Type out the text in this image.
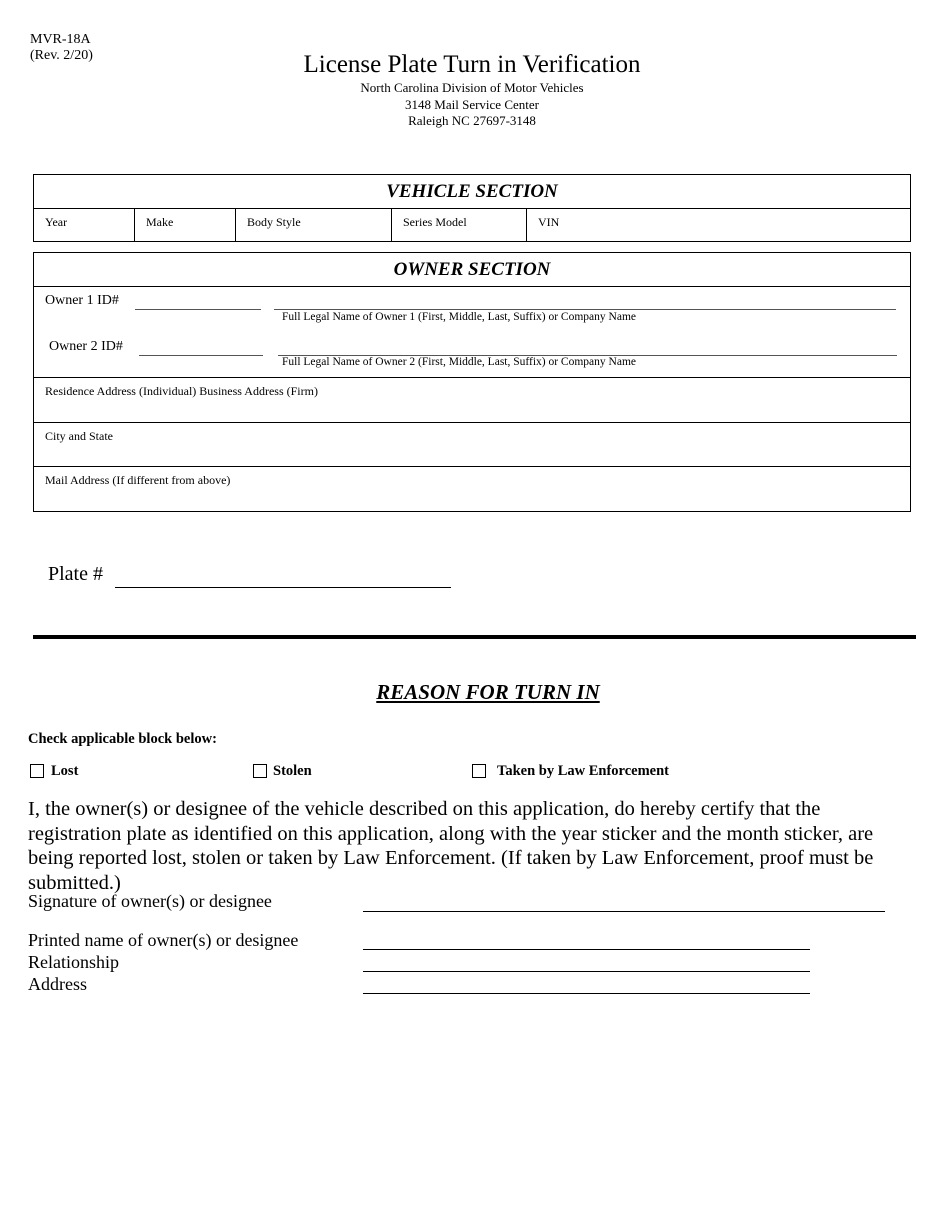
MVR-18A
(Rev. 2/20)	License Plate Turn in Verification
North Carolina Division of Motor Vehicles
3148 Mail Service Center
Raleigh NC 27697-3148
VEHICLE SECTION
Year	Make	Body Style	Series Model	VIN
OWNER SECTION
Owner 1 ID#
Full Legal Name of Owner 1 (First, Middle, Last, Suffix) or Company Name
Owner 2 ID#
Full Legal Name of Owner 2 (First, Middle, Last, Suffix) or Company Name
Residence Address (Individual) Business Address (Firm)
City and State
Mail Address (If different from above)
Plate #
REASON FOR TURN IN
Check applicable block below:
Lost	Stolen	Taken by Law Enforcement
I, the owner(s) or designee of the vehicle described on this application, do hereby certify that the registration plate as identified on this application, along with the year sticker and the month sticker, are being reported lost, stolen or taken by Law Enforcement. (If taken by Law Enforcement, proof must be submitted.)
Signature of owner(s) or designee
Printed name of owner(s) or designee
Relationship
Address
